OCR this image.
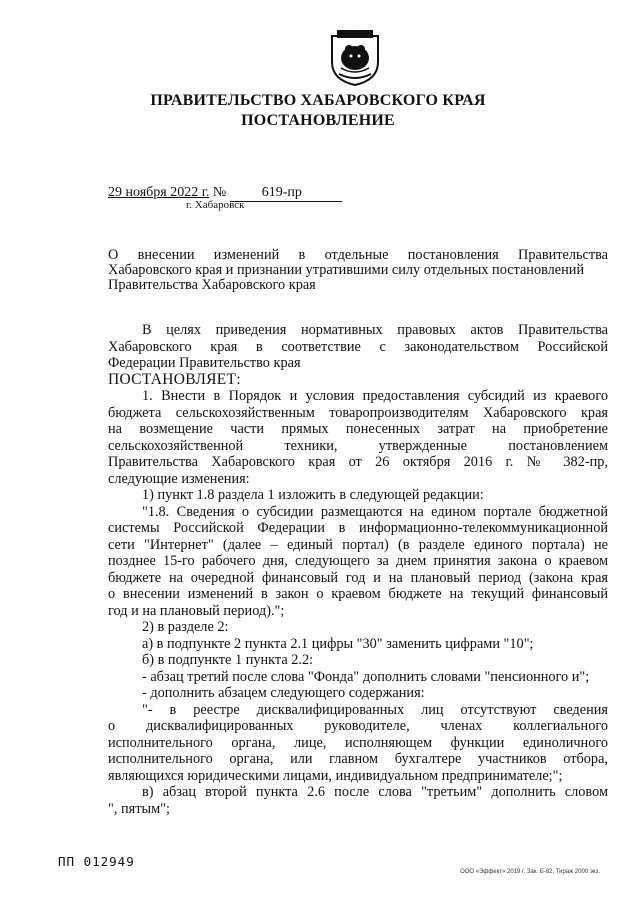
ПРАВИТЕЛЬСТВО ХАБАРОВСКОГО КРАЯ
ПОСТАНОВЛЕНИЕ
29 ноября 2022 г. №	619-пр
г. Хабаровск
О внесении изменений в отдельные постановления Правительства
Хабаровского края и признании утратившими силу отдельных постановлений
Правительства Хабаровского края
В целях приведения нормативных правовых актов Правительства
Хабаровского края в соответствие с законодательством Российской
Федерации Правительство края
ПОСТАНОВЛЯЕТ:
1. Внести в Порядок и условия предоставления субсидий из краевого
бюджета сельскохозяйственным товаропроизводителям Хабаровского края
на возмещение части прямых понесенных затрат на приобретение
сельскохозяйственной техники, утвержденные постановлением
Правительства Хабаровского края от 26 октября 2016 г. № 382-пр,
следующие изменения:
1) пункт 1.8 раздела 1 изложить в следующей редакции:
"1.8. Сведения о субсидии размещаются на едином портале бюджетной
системы Российской Федерации в информационно-телекоммуникационной
сети "Интернет" (далее – единый портал) (в разделе единого портала) не
позднее 15-го рабочего дня, следующего за днем принятия закона о краевом
бюджете на очередной финансовый год и на плановый период (закона края
о внесении изменений в закон о краевом бюджете на текущий финансовый
год и на плановый период).";
2) в разделе 2:
а) в подпункте 2 пункта 2.1 цифры "30" заменить цифрами "10";
б) в подпункте 1 пункта 2.2:
- абзац третий после слова "Фонда" дополнить словами "пенсионного и";
- дополнить абзацем следующего содержания:
"- в реестре дисквалифицированных лиц отсутствуют сведения
о дисквалифицированных руководителе, членах коллегиального
исполнительного органа, лице, исполняющем функции единоличного
исполнительного органа, или главном бухгалтере участников отбора,
являющихся юридическими лицами, индивидуальном предпринимателе;";
в) абзац второй пункта 2.6 после слова "третьим" дополнить словом
", пятым";
ПП 012949
ООО «Эффект» 2019 г. Зак. Б-82. Тираж 2000 экз.
